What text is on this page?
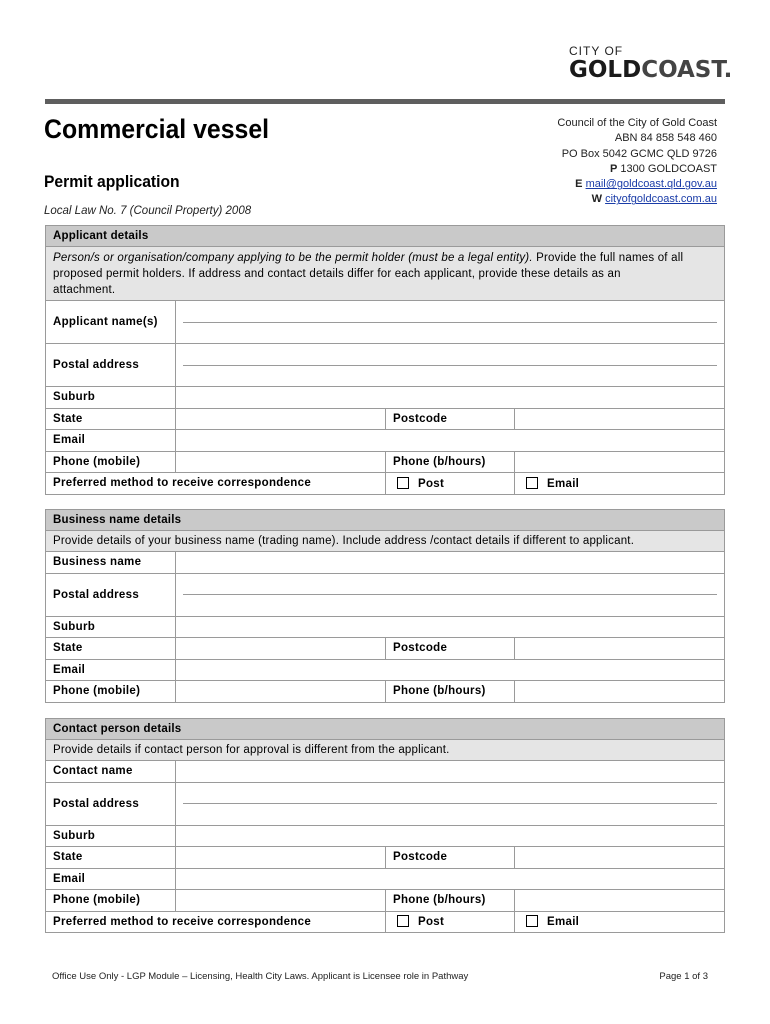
CITY OF
GOLDCOAST.
Commercial vessel
Permit application
Local Law No. 7 (Council Property) 2008
Council of the City of Gold Coast
ABN 84 858 548 460
PO Box 5042 GCMC QLD 9726
P 1300 GOLDCOAST
E mail@goldcoast.qld.gov.au
W cityofgoldcoast.com.au
Applicant details			
Person/s or organisation/company applying to be the permit holder (must be a legal entity). Provide the full names of all proposed permit holders. If address and contact details differ for each applicant, provide these details as an attachment.			
Applicant name(s)			

Postal address			

Suburb			
State		Postcode	
Email			
Phone (mobile)		Phone (b/hours)	
Preferred method to receive correspondence		Post	Email
Business name details			
Provide details of your business name (trading name). Include address /contact details if different to applicant.			
Business name			
Postal address			

Suburb			
State		Postcode	
Email			
Phone (mobile)		Phone (b/hours)	
Contact person details			
Provide details if contact person for approval is different from the applicant.			
Contact name			
Postal address			

Suburb			
State		Postcode	
Email			
Phone (mobile)		Phone (b/hours)	
Preferred method to receive correspondence		Post	Email
Office Use Only - LGP Module – Licensing, Health City Laws. Applicant is Licensee role in Pathway	Page 1 of 3
